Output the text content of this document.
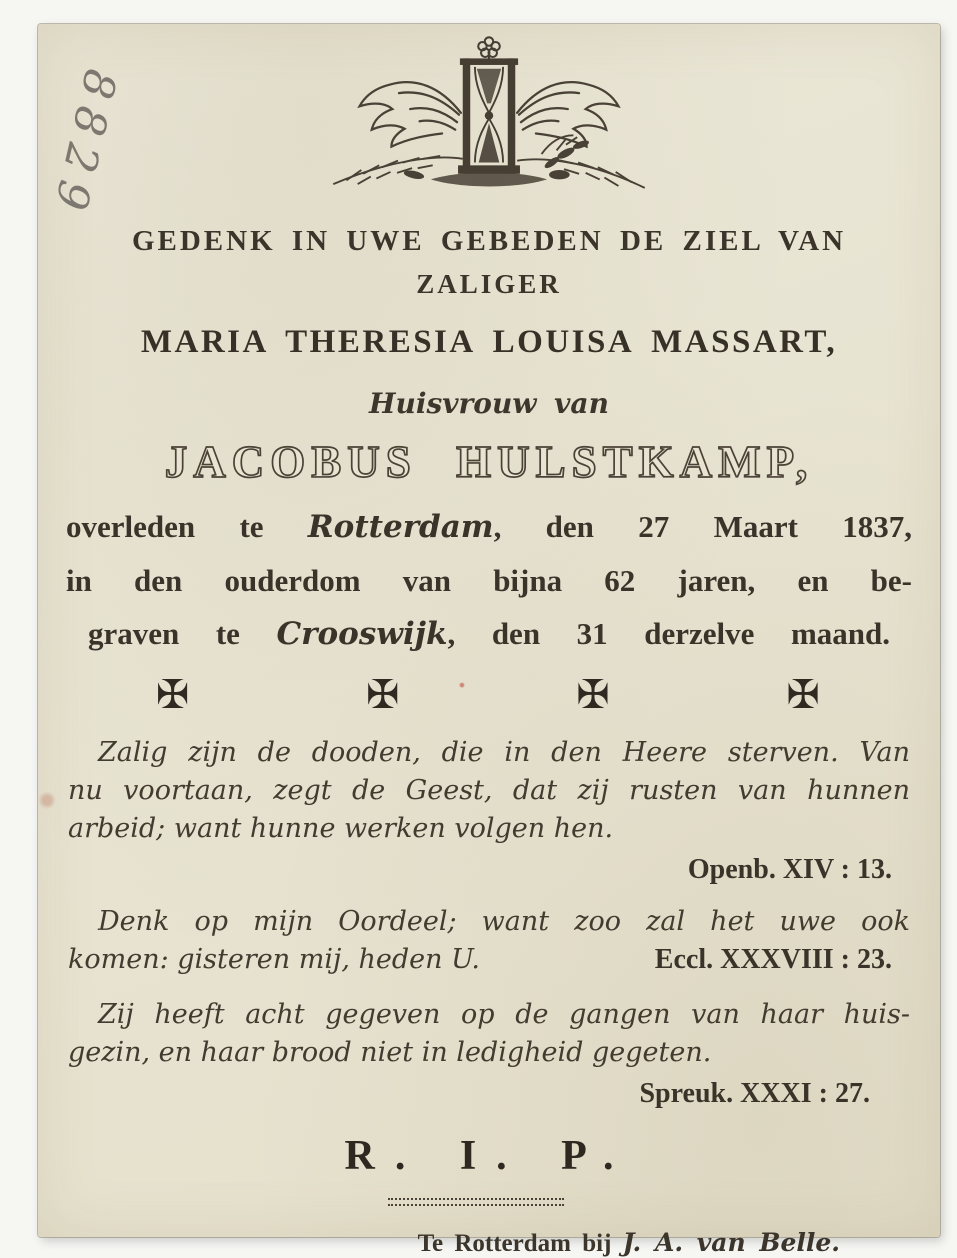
8829
GEDENK IN UWE GEBEDEN DE ZIEL VAN
ZALIGER
MARIA THERESIA LOUISA MASSART,
Huisvrouw van
JACOBUS HULSTKAMP,
overleden te Rotterdam, den 27 Maart 1837,
in den ouderdom van bijna 62 jaren, en be-
graven te Crooswijk, den 31 derzelve maand.
✠	✠	✠	✠
Zalig zijn de dooden, die in den Heere sterven. Van
nu voortaan, zegt de Geest, dat zij rusten van hunnen
arbeid; want hunne werken volgen hen.
Openb. XIV : 13.
Denk op mijn Oordeel; want zoo zal het uwe ook
komen: gisteren mij, heden U.	Eccl. XXXVIII : 23.
Zij heeft acht gegeven op de gangen van haar huis-
gezin, en haar brood niet in ledigheid gegeten.
Spreuk. XXXI : 27.
R. I. P.
Te Rotterdam bij J. A. van Belle.
